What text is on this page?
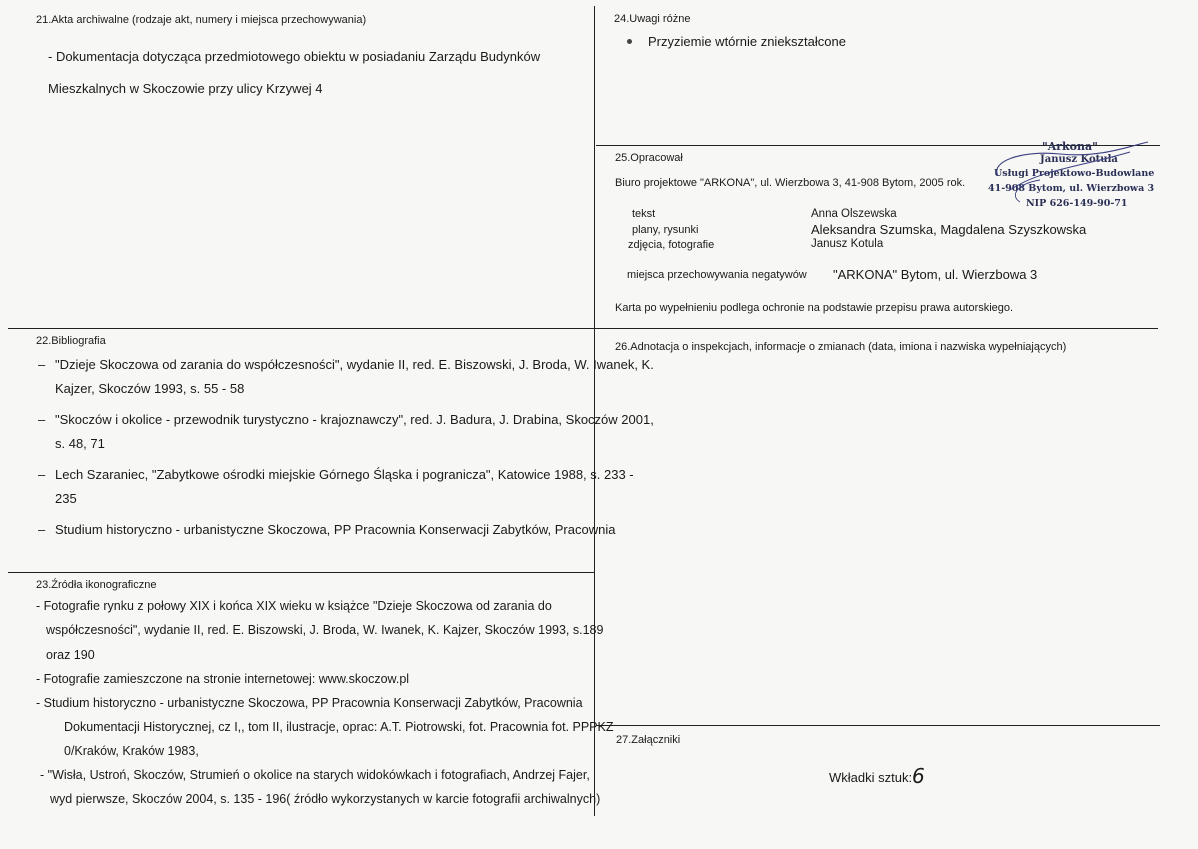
21.Akta archiwalne (rodzaje akt, numery i miejsca przechowywania)
- Dokumentacja dotycząca przedmiotowego obiektu w posiadaniu Zarządu Budynków
Mieszkalnych w Skoczowie przy ulicy Krzywej 4
24.Uwagi różne
Przyziemie wtórnie zniekształcone
25.Opracował
Biuro projektowe "ARKONA", ul. Wierzbowa 3, 41-908 Bytom, 2005 rok.
tekst	Anna Olszewska
plany, rysunki	Aleksandra Szumska, Magdalena Szyszkowska
zdjęcia, fotografie	Janusz Kotula
miejsca przechowywania negatywów "ARKONA" Bytom, ul. Wierzbowa 3
Karta po wypełnieniu podlega ochronie na podstawie przepisu prawa autorskiego.
"Arkona"
Janusz Kotula
Usługi Projektowo-Budowlane
41-908 Bytom, ul. Wierzbowa 3
NIP 626-149-90-71
22.Bibliografia
– "Dzieje Skoczowa od zarania do współczesności", wydanie II, red. E. Biszowski, J. Broda, W. Iwanek, K.
Kajzer, Skoczów 1993, s. 55 - 58
– "Skoczów i okolice - przewodnik turystyczno - krajoznawczy", red. J. Badura, J. Drabina, Skoczów 2001,
s. 48, 71
– Lech Szaraniec, "Zabytkowe ośrodki miejskie Górnego Śląska i pogranicza", Katowice 1988, s. 233 -
235
– Studium historyczno - urbanistyczne Skoczowa, PP Pracownia Konserwacji Zabytków, Pracownia
26.Adnotacja o inspekcjach, informacje o zmianach (data, imiona i nazwiska wypełniających)
23.Źródła ikonograficzne
- Fotografie rynku z połowy XIX i końca XIX wieku w książce "Dzieje Skoczowa od zarania do
współczesności", wydanie II, red. E. Biszowski, J. Broda, W. Iwanek, K. Kajzer, Skoczów 1993, s.189
oraz 190
- Fotografie zamieszczone na stronie internetowej: www.skoczow.pl
- Studium historyczno - urbanistyczne Skoczowa, PP Pracownia Konserwacji Zabytków, Pracownia
Dokumentacji Historycznej, cz I,, tom II, ilustracje, oprac: A.T. Piotrowski, fot. Pracownia fot. PPPKZ
0/Kraków, Kraków 1983,
- "Wisła, Ustroń, Skoczów, Strumień o okolice na starych widokówkach i fotografiach, Andrzej Fajer,
wyd pierwsze, Skoczów 2004, s. 135 - 196( źródło wykorzystanych w karcie fotografii archiwalnych)
27.Załączniki
Wkładki sztuk: 6
